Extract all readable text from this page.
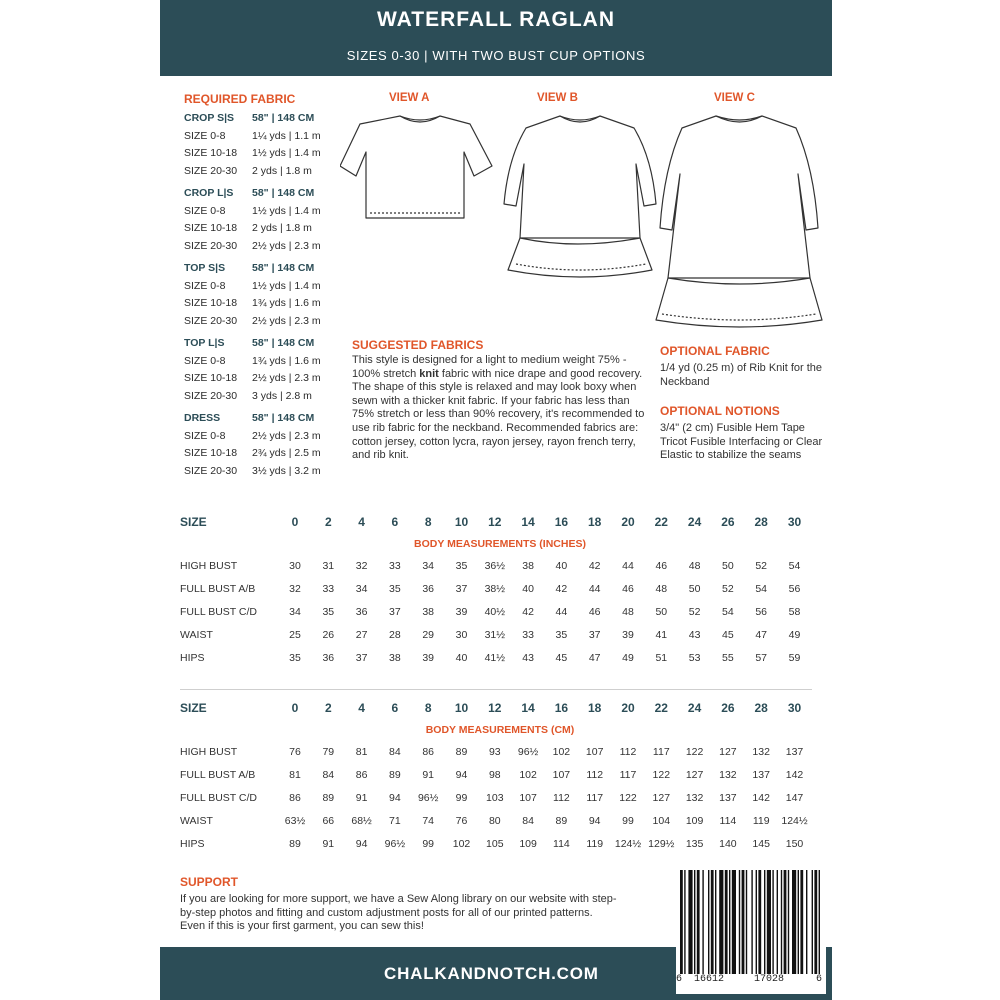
WATERFALL RAGLAN
SIZES 0-30 | WITH TWO BUST CUP OPTIONS
REQUIRED FABRIC
CROP S|S 58" | 148 CM
SIZE 0-8	1¼ yds | 1.1 m
SIZE 10-18 1½ yds | 1.4 m
SIZE 20-30 2 yds | 1.8 m
CROP L|S 58" | 148 CM
SIZE 0-8	1½ yds | 1.4 m
SIZE 10-18 2 yds | 1.8 m
SIZE 20-30 2½ yds | 2.3 m
TOP S|S	58" | 148 CM
SIZE 0-8	1½ yds | 1.4 m
SIZE 10-18 1¾ yds | 1.6 m
SIZE 20-30 2½ yds | 2.3 m
TOP L|S	58" | 148 CM
SIZE 0-8	1¾ yds | 1.6 m
SIZE 10-18 2½ yds | 2.3 m
SIZE 20-30 3 yds | 2.8 m
DRESS	58" | 148 CM
SIZE 0-8	2½ yds | 2.3 m
SIZE 10-18 2¾ yds | 2.5 m
SIZE 20-30 3½ yds | 3.2 m
VIEW A	VIEW B	VIEW C
SUGGESTED FABRICS
This style is designed for a light to medium weight 75% - 100% stretch knit fabric with nice drape and good recovery. The shape of this style is relaxed and may look boxy when sewn with a thicker knit fabric. If your fabric has less than 75% stretch or less than 90% recovery, it's recommended to use rib fabric for the neckband. Recommended fabrics are: cotton jersey, cotton lycra, rayon jersey, rayon french terry, and rib knit.
OPTIONAL FABRIC
1/4 yd (0.25 m) of Rib Knit for the Neckband
OPTIONAL NOTIONS
3/4" (2 cm) Fusible Hem Tape Tricot Fusible Interfacing or Clear Elastic to stabilize the seams
SIZE	0	2	4	6	8	10	12	14	16	18	20	22	24	26	28	30
BODY MEASUREMENTS (INCHES)
HIGH BUST	30	31	32	33	34	35	36½	38	40	42	44	46	48	50	52	54
FULL BUST A/B	32	33	34	35	36	37	38½	40	42	44	46	48	50	52	54	56
FULL BUST C/D	34	35	36	37	38	39	40½	42	44	46	48	50	52	54	56	58
WAIST	25	26	27	28	29	30	31½	33	35	37	39	41	43	45	47	49
HIPS	35	36	37	38	39	40	41½	43	45	47	49	51	53	55	57	59
SIZE	0	2	4	6	8	10	12	14	16	18	20	22	24	26	28	30
BODY MEASUREMENTS (CM)
HIGH BUST	76	79	81	84	86	89	93	96½	102	107	112	117	122	127	132	137
FULL BUST A/B	81	84	86	89	91	94	98	102	107	112	117	122	127	132	137	142
FULL BUST C/D	86	89	91	94	96½	99	103	107	112	117	122	127	132	137	142	147
WAIST	63½	66	68½	71	74	76	80	84	89	94	99	104	109	114	119	124½
HIPS	89	91	94	96½	99	102	105	109	114	119	124½ 129½	135	140	145	150
SUPPORT
If you are looking for more support, we have a Sew Along library on our website with step-by-step photos and fitting and custom adjustment posts for all of our printed patterns. Even if this is your first garment, you can sew this!
CHALKANDNOTCH.COM	6 16612	17028	6
